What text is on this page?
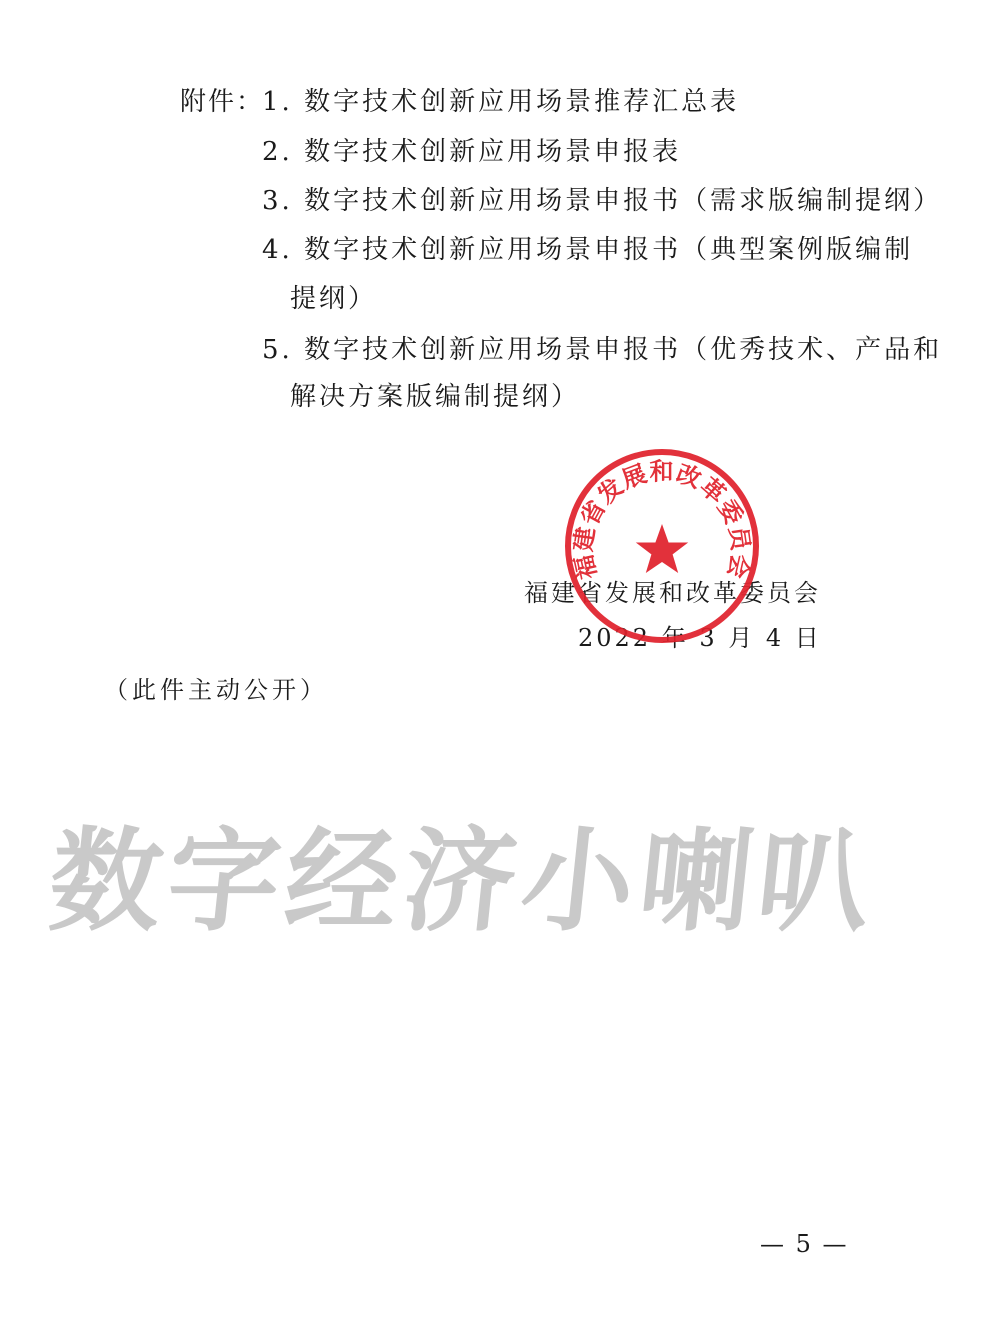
附件：
1. 数字技术创新应用场景推荐汇总表
2. 数字技术创新应用场景申报表
3. 数字技术创新应用场景申报书（需求版编制提纲）
4. 数字技术创新应用场景申报书（典型案例版编制
提纲）
5. 数字技术创新应用场景申报书（优秀技术、产品和
解决方案版编制提纲）
福建省发展和改革委员会
2022 年 3 月 4 日
福建省发展和改革委员会
（此件主动公开）
数字经济小喇叭
— 5 —
